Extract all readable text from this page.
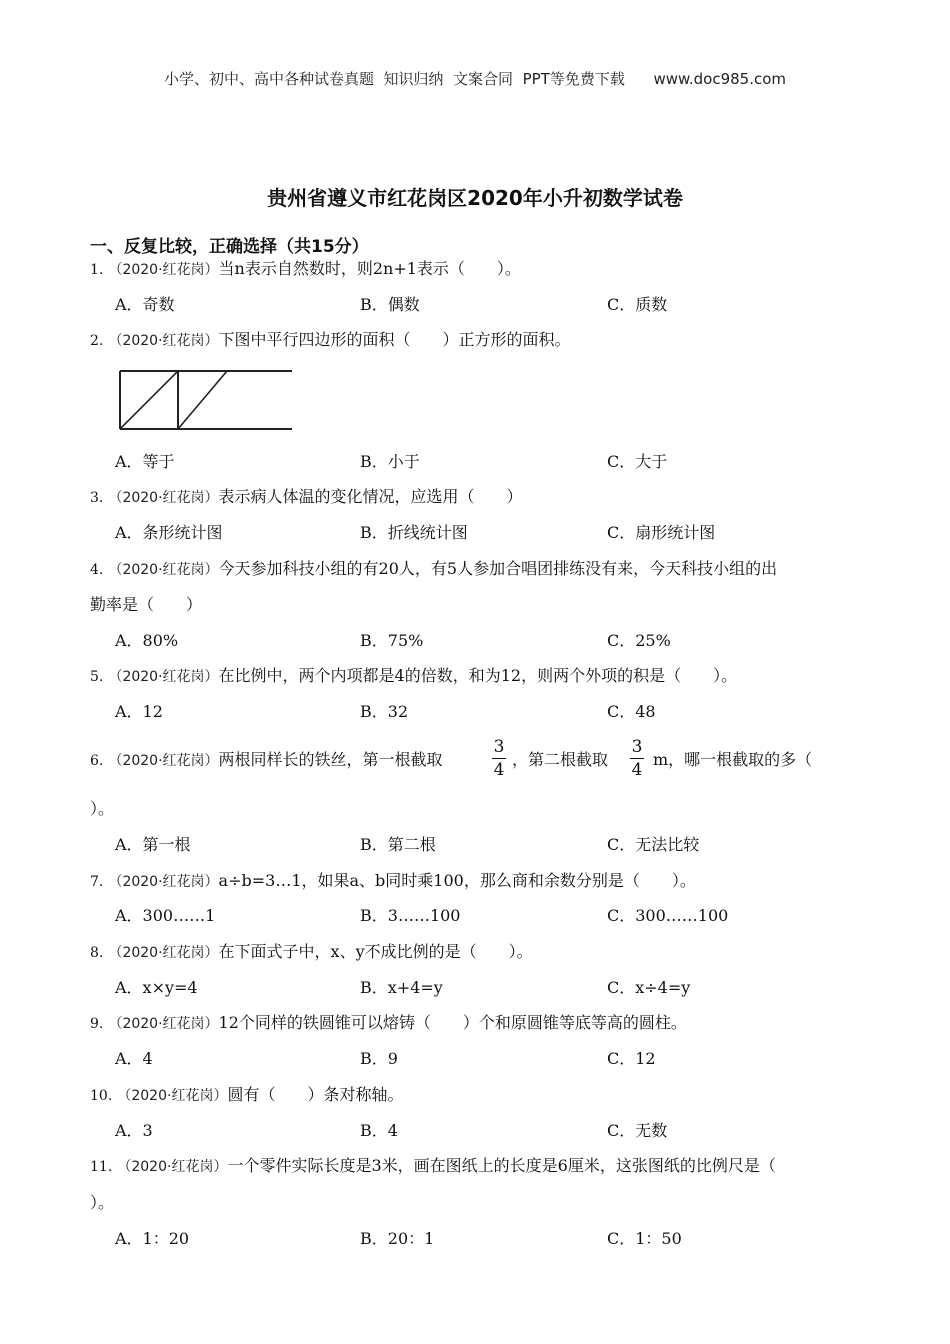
小学、初中、高中各种试卷真题  知识归纳  文案合同  PPT等免费下载      www.doc985.com
贵州省遵义市红花岗区2020年小升初数学试卷
一、反复比较，正确选择（共15分）
1. （2020·红花岗）当n表示自然数时，则2n+1表示（　　）。
A．奇数	B．偶数	C．质数
2. （2020·红花岗）下图中平行四边形的面积（　　）正方形的面积。
A．等于	B．小于	C．大于
3. （2020·红花岗）表示病人体温的变化情况，应选用（　　）
A．条形统计图	B．折线统计图	C．扇形统计图
4. （2020·红花岗）今天参加科技小组的有20人，有5人参加合唱团排练没有来，今天科技小组的出
勤率是（　　）
A．80%	B．75%	C．25%
5. （2020·红花岗）在比例中，两个内项都是4的倍数，和为12，则两个外项的积是（　　）。
A．12	B．32	C．48
6. （2020·红花岗）两根同样长的铁丝，第一根截取
3
4
，第二根截取
3
4
m，哪一根截取的多（
）。
A．第一根	B．第二根	C．无法比较
7. （2020·红花岗）a÷b=3…1，如果a、b同时乘100，那么商和余数分别是（　　）。
A．300……1	B．3……100	C．300……100
8. （2020·红花岗）在下面式子中，x、y不成比例的是（　　）。
A．x×y=4	B．x+4=y	C．x÷4=y
9. （2020·红花岗）12个同样的铁圆锥可以熔铸（　　）个和原圆锥等底等高的圆柱。
A．4	B．9	C．12
10. （2020·红花岗）圆有（　　）条对称轴。
A．3	B．4	C．无数
11. （2020·红花岗）一个零件实际长度是3米，画在图纸上的长度是6厘米，这张图纸的比例尺是（
）。
A．1：20	B．20：1	C．1：50
